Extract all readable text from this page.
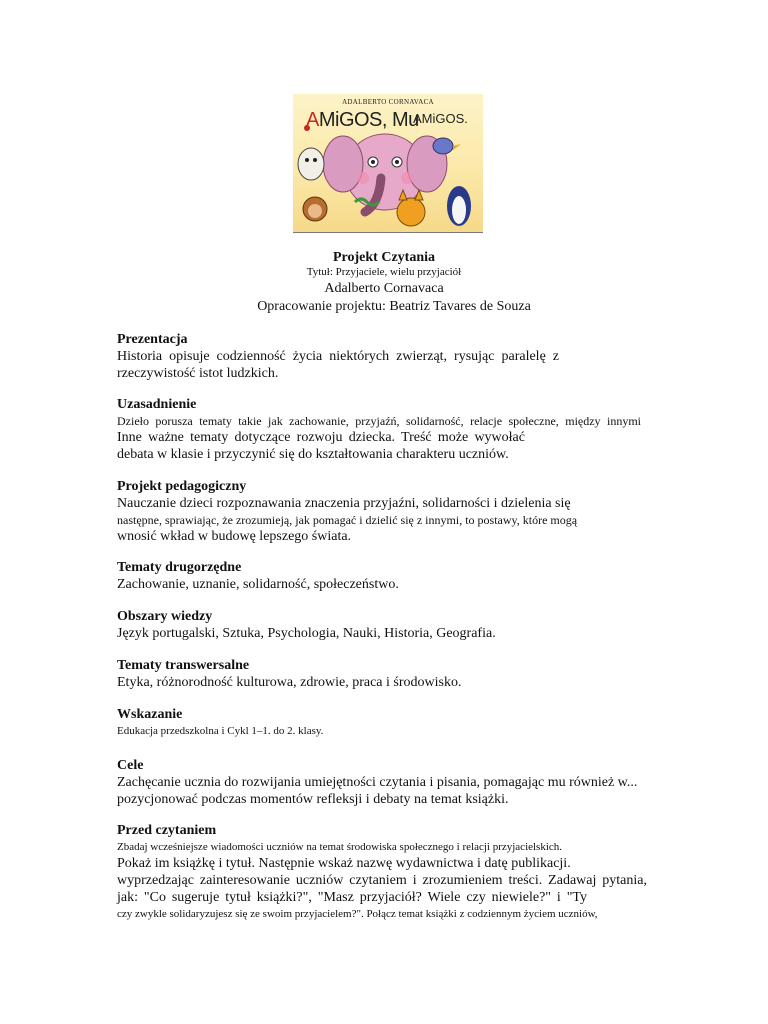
ADALBERTO CORNAVACA
AMiGOS, Mu
AMiGOS.
Projekt Czytania
Tytuł: Przyjaciele, wielu przyjaciół
Adalberto Cornavaca
Opracowanie projektu: Beatriz Tavares de Souza
Prezentacja
Historia opisuje codzienność życia niektórych zwierząt, rysując paralelę z
rzeczywistość istot ludzkich.
Uzasadnienie
Dzieło porusza tematy takie jak zachowanie, przyjaźń, solidarność, relacje społeczne, między innymi
Inne ważne tematy dotyczące rozwoju dziecka. Treść może wywołać
debata w klasie i przyczynić się do kształtowania charakteru uczniów.
Projekt pedagogiczny
Nauczanie dzieci rozpoznawania znaczenia przyjaźni, solidarności i dzielenia się
następne, sprawiając, że zrozumieją, jak pomagać i dzielić się z innymi, to postawy, które mogą
wnosić wkład w budowę lepszego świata.
Tematy drugorzędne
Zachowanie, uznanie, solidarność, społeczeństwo.
Obszary wiedzy
Język portugalski, Sztuka, Psychologia, Nauki, Historia, Geografia.
Tematy transwersalne
Etyka, różnorodność kulturowa, zdrowie, praca i środowisko.
Wskazanie
Edukacja przedszkolna i Cykl 1–1. do 2. klasy.
Cele
Zachęcanie ucznia do rozwijania umiejętności czytania i pisania, pomagając mu również w...
pozycjonować podczas momentów refleksji i debaty na temat książki.
Przed czytaniem
Zbadaj wcześniejsze wiadomości uczniów na temat środowiska społecznego i relacji przyjacielskich.
Pokaż im książkę i tytuł. Następnie wskaż nazwę wydawnictwa i datę publikacji.
wyprzedzając zainteresowanie uczniów czytaniem i zrozumieniem treści. Zadawaj pytania,
jak: "Co sugeruje tytuł książki?", "Masz przyjaciół? Wiele czy niewiele?" i "Ty
czy zwykle solidaryzujesz się ze swoim przyjacielem?". Połącz temat książki z codziennym życiem uczniów,
